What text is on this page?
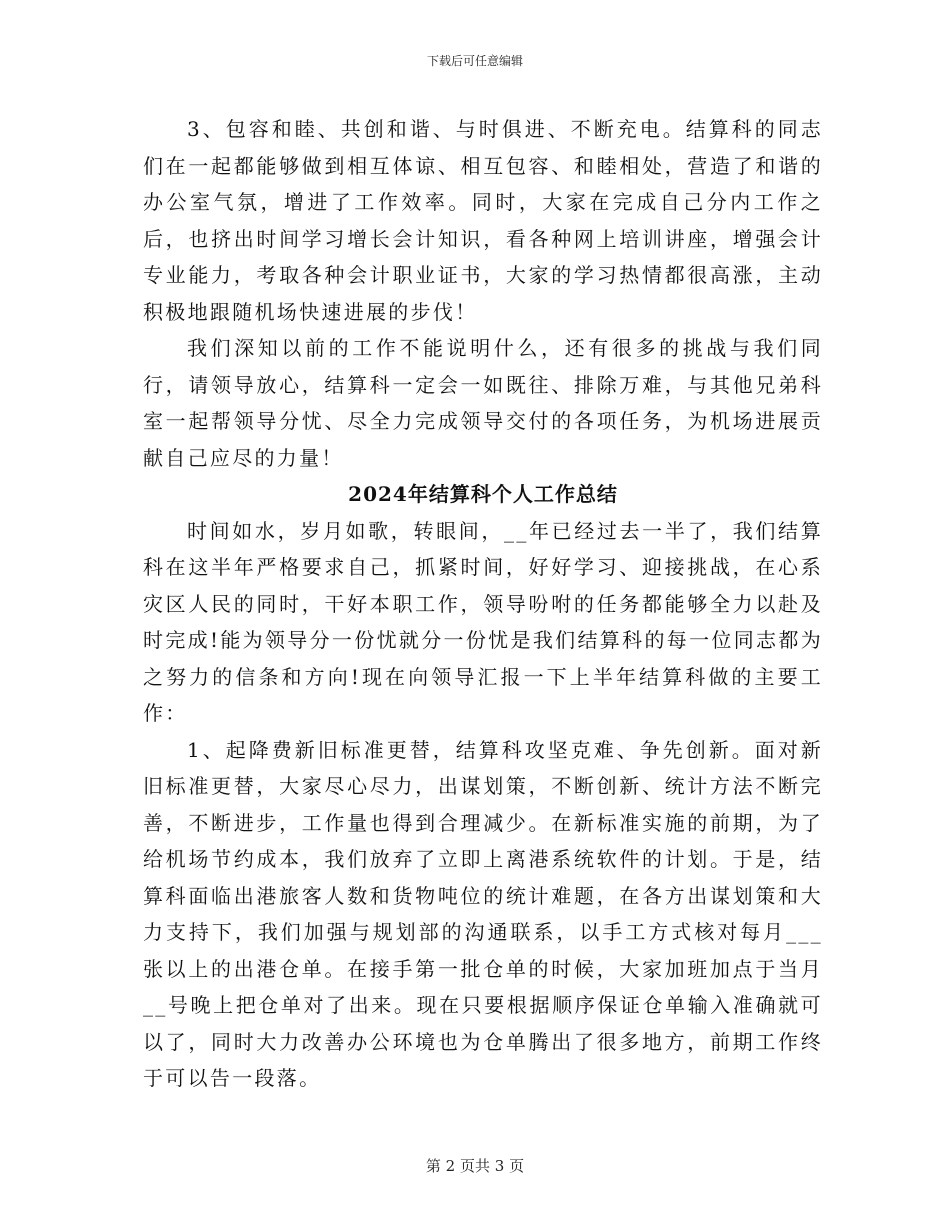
下载后可任意编辑

3、包容和睦、共创和谐、与时俱进、不断充电。结算科的同志们在一起都能够做到相互体谅、相互包容、和睦相处，营造了和谐的办公室气氛，增进了工作效率。同时，大家在完成自己分内工作之后，也挤出时间学习增长会计知识，看各种网上培训讲座，增强会计专业能力，考取各种会计职业证书，大家的学习热情都很高涨，主动积极地跟随机场快速进展的步伐！

我们深知以前的工作不能说明什么，还有很多的挑战与我们同行，请领导放心，结算科一定会一如既往、排除万难，与其他兄弟科室一起帮领导分忧、尽全力完成领导交付的各项任务，为机场进展贡献自己应尽的力量！

2024年结算科个人工作总结

时间如水，岁月如歌，转眼间，__年已经过去一半了，我们结算科在这半年严格要求自己，抓紧时间，好好学习、迎接挑战，在心系灾区人民的同时，干好本职工作，领导吩咐的任务都能够全力以赴及时完成!能为领导分一份忧就分一份忧是我们结算科的每一位同志都为之努力的信条和方向!现在向领导汇报一下上半年结算科做的主要工作：

1、起降费新旧标准更替，结算科攻坚克难、争先创新。面对新旧标准更替，大家尽心尽力，出谋划策，不断创新、统计方法不断完善，不断进步，工作量也得到合理减少。在新标准实施的前期，为了给机场节约成本，我们放弃了立即上离港系统软件的计划。于是，结算科面临出港旅客人数和货物吨位的统计难题，在各方出谋划策和大力支持下，我们加强与规划部的沟通联系，以手工方式核对每月___张以上的出港仓单。在接手第一批仓单的时候，大家加班加点于当月__号晚上把仓单对了出来。现在只要根据顺序保证仓单输入准确就可以了，同时大力改善办公环境也为仓单腾出了很多地方，前期工作终于可以告一段落。

第 2 页共 3 页
